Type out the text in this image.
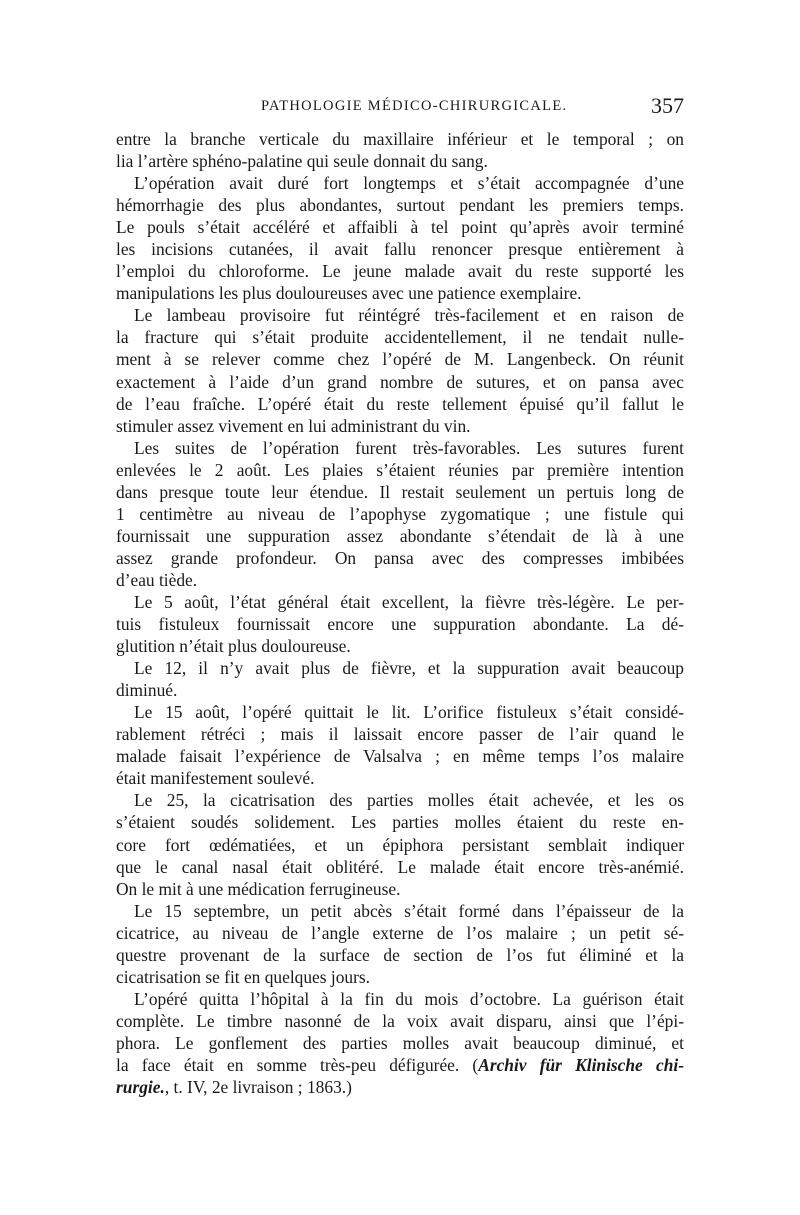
PATHOLOGIE MÉDICO-CHIRURGICALE.	357
entre la branche verticale du maxillaire inférieur et le temporal ; on
lia l’artère sphéno-palatine qui seule donnait du sang.
L’opération avait duré fort longtemps et s’était accompagnée d’une
hémorrhagie des plus abondantes, surtout pendant les premiers temps.
Le pouls s’était accéléré et affaibli à tel point qu’après avoir terminé
les incisions cutanées, il avait fallu renoncer presque entièrement à
l’emploi du chloroforme. Le jeune malade avait du reste supporté les
manipulations les plus douloureuses avec une patience exemplaire.
Le lambeau provisoire fut réintégré très-facilement et en raison de
la fracture qui s’était produite accidentellement, il ne tendait nulle-
ment à se relever comme chez l’opéré de M. Langenbeck. On réunit
exactement à l’aide d’un grand nombre de sutures, et on pansa avec
de l’eau fraîche. L’opéré était du reste tellement épuisé qu’il fallut le
stimuler assez vivement en lui administrant du vin.
Les suites de l’opération furent très-favorables. Les sutures furent
enlevées le 2 août. Les plaies s’étaient réunies par première intention
dans presque toute leur étendue. Il restait seulement un pertuis long de
1 centimètre au niveau de l’apophyse zygomatique ; une fistule qui
fournissait une suppuration assez abondante s’étendait de là à une
assez grande profondeur. On pansa avec des compresses imbibées
d’eau tiède.
Le 5 août, l’état général était excellent, la fièvre très-légère. Le per-
tuis fistuleux fournissait encore une suppuration abondante. La dé-
glutition n’était plus douloureuse.
Le 12, il n’y avait plus de fièvre, et la suppuration avait beaucoup
diminué.
Le 15 août, l’opéré quittait le lit. L’orifice fistuleux s’était considé-
rablement rétréci ; mais il laissait encore passer de l’air quand le
malade faisait l’expérience de Valsalva ; en même temps l’os malaire
était manifestement soulevé.
Le 25, la cicatrisation des parties molles était achevée, et les os
s’étaient soudés solidement. Les parties molles étaient du reste en-
core fort œdématiées, et un épiphora persistant semblait indiquer
que le canal nasal était oblitéré. Le malade était encore très-anémié.
On le mit à une médication ferrugineuse.
Le 15 septembre, un petit abcès s’était formé dans l’épaisseur de la
cicatrice, au niveau de l’angle externe de l’os malaire ; un petit sé-
questre provenant de la surface de section de l’os fut éliminé et la
cicatrisation se fit en quelques jours.
L’opéré quitta l’hôpital à la fin du mois d’octobre. La guérison était
complète. Le timbre nasonné de la voix avait disparu, ainsi que l’épi-
phora. Le gonflement des parties molles avait beaucoup diminué, et
la face était en somme très-peu défigurée. (Archiv für Klinische chi-
rurgie., t. IV, 2e livraison ; 1863.)
